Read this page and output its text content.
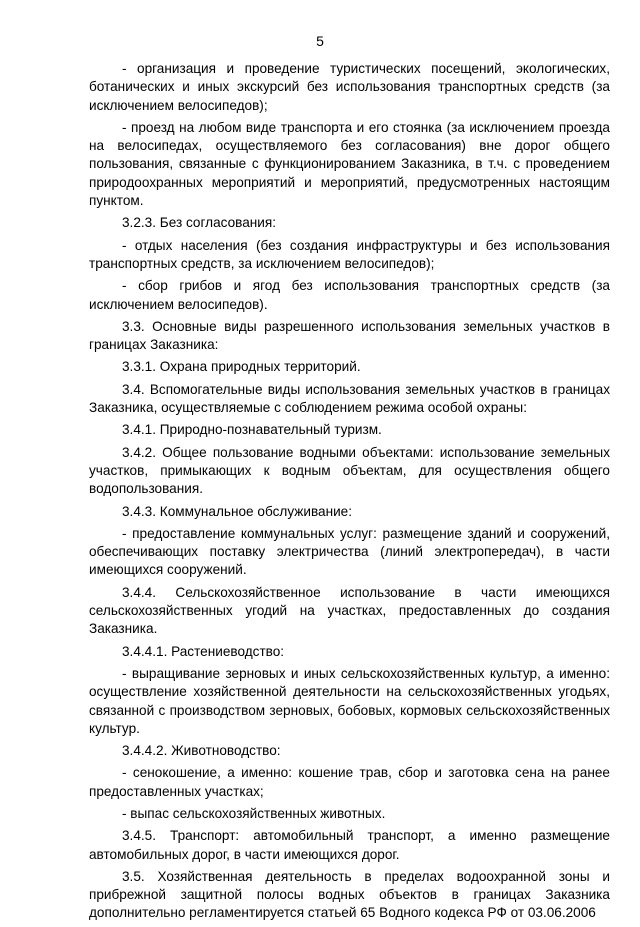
5

- организация и проведение туристических посещений, экологических, ботанических и иных экскурсий без использования транспортных средств (за исключением велосипедов);

- проезд на любом виде транспорта и его стоянка (за исключением проезда на велосипедах, осуществляемого без согласования) вне дорог общего пользования, связанные с функционированием Заказника, в т.ч. с проведением природоохранных мероприятий и мероприятий, предусмотренных настоящим пунктом.

3.2.3. Без согласования:

- отдых населения (без создания инфраструктуры и без использования транспортных средств, за исключением велосипедов);

- сбор грибов и ягод без использования транспортных средств (за исключением велосипедов).

3.3. Основные виды разрешенного использования земельных участков в границах Заказника:

3.3.1. Охрана природных территорий.

3.4. Вспомогательные виды использования земельных участков в границах Заказника, осуществляемые с соблюдением режима особой охраны:

3.4.1. Природно-познавательный туризм.

3.4.2. Общее пользование водными объектами: использование земельных участков, примыкающих к водным объектам, для осуществления общего водопользования.

3.4.3. Коммунальное обслуживание:

- предоставление коммунальных услуг: размещение зданий и сооружений, обеспечивающих поставку электричества (линий электропередач), в части имеющихся сооружений.

3.4.4. Сельскохозяйственное использование в части имеющихся сельскохозяйственных угодий на участках, предоставленных до создания Заказника.

3.4.4.1. Растениеводство:

- выращивание зерновых и иных сельскохозяйственных культур, а именно: осуществление хозяйственной деятельности на сельскохозяйственных угодьях, связанной с производством зерновых, бобовых, кормовых сельскохозяйственных культур.

3.4.4.2. Животноводство:

- сенокошение, а именно: кошение трав, сбор и заготовка сена на ранее предоставленных участках;

- выпас сельскохозяйственных животных.

3.4.5. Транспорт: автомобильный транспорт, а именно размещение автомобильных дорог, в части имеющихся дорог.

3.5. Хозяйственная деятельность в пределах водоохранной зоны и прибрежной защитной полосы водных объектов в границах Заказника дополнительно регламентируется статьей 65 Водного кодекса РФ от 03.06.2006
